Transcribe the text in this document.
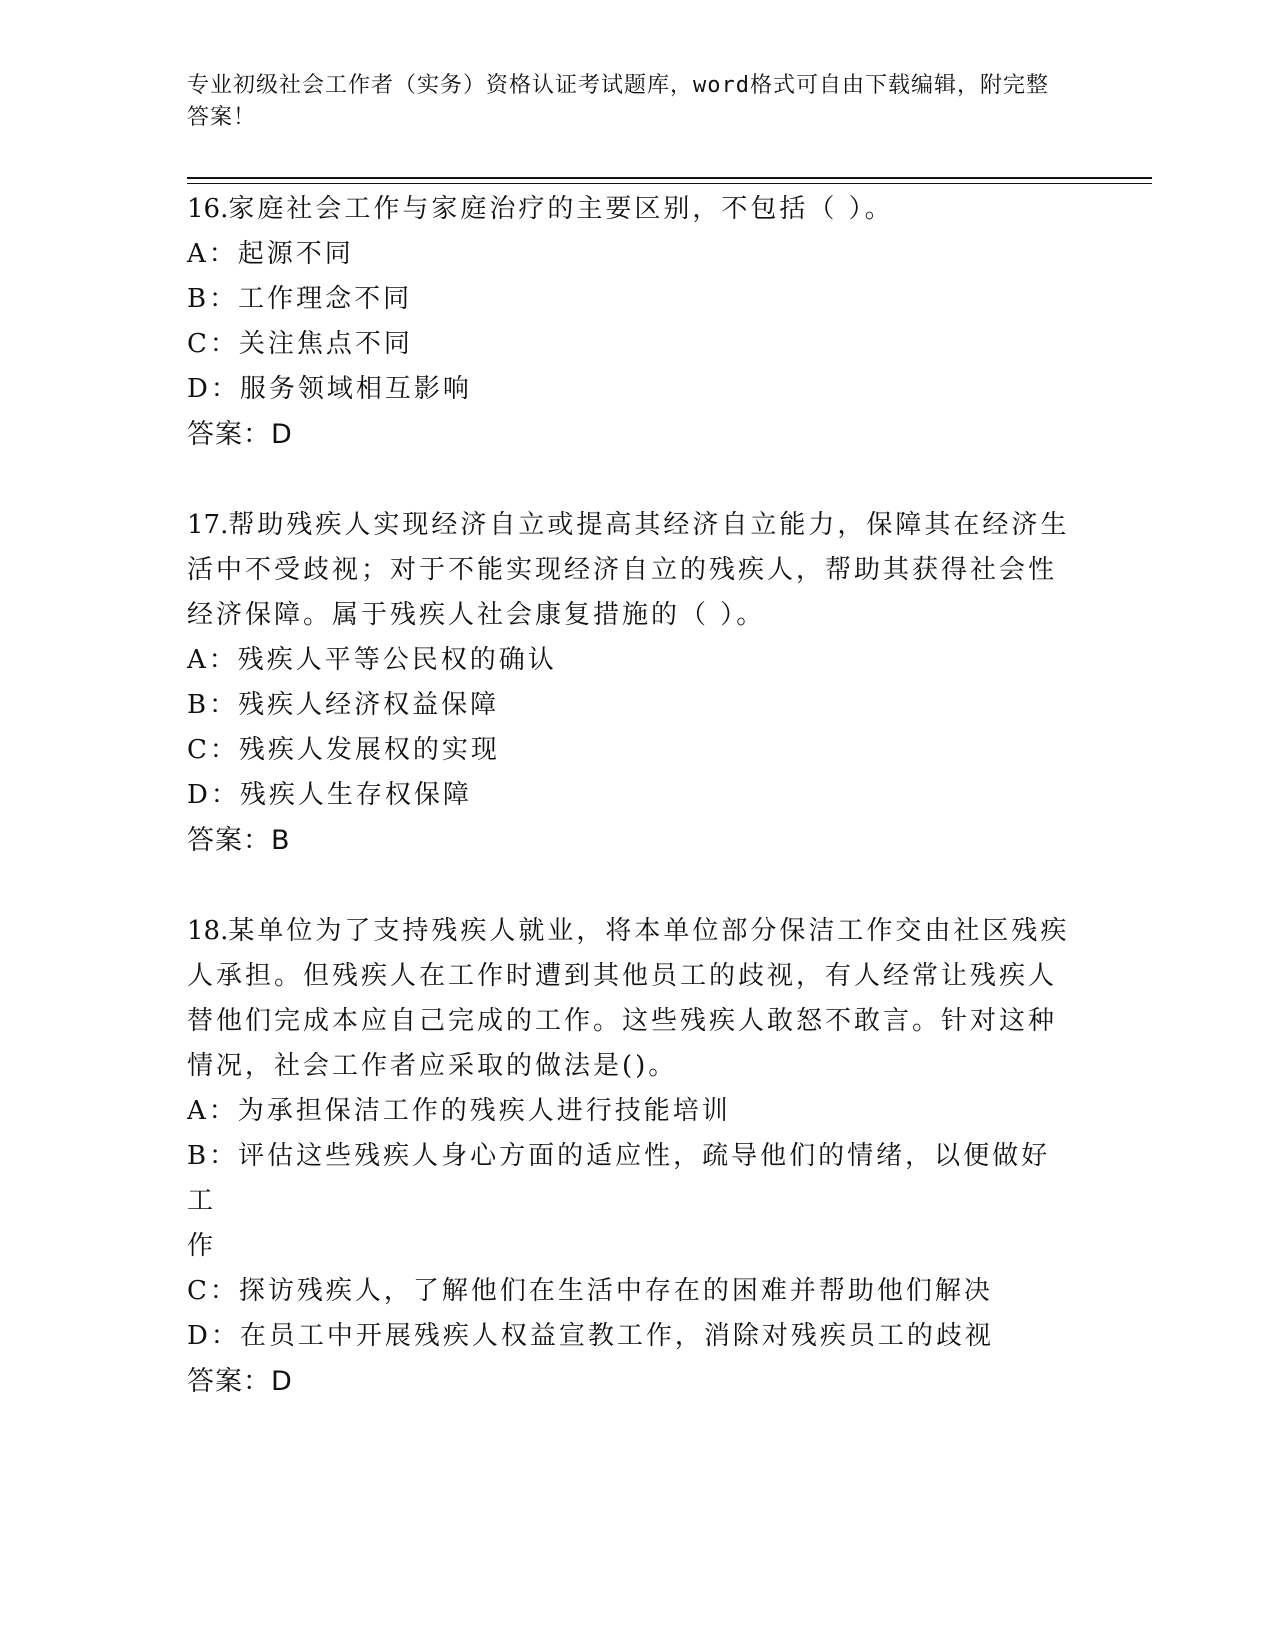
专业初级社会工作者（实务）资格认证考试题库，word格式可自由下载编辑，附完整答案！
16.家庭社会工作与家庭治疗的主要区别，不包括（ ）。
A：起源不同
B：工作理念不同
C：关注焦点不同
D：服务领域相互影响
答案：D
17.帮助残疾人实现经济自立或提高其经济自立能力，保障其在经济生
活中不受歧视；对于不能实现经济自立的残疾人，帮助其获得社会性
经济保障。属于残疾人社会康复措施的（ ）。
A：残疾人平等公民权的确认
B：残疾人经济权益保障
C：残疾人发展权的实现
D：残疾人生存权保障
答案：B
18.某单位为了支持残疾人就业，将本单位部分保洁工作交由社区残疾
人承担。但残疾人在工作时遭到其他员工的歧视，有人经常让残疾人
替他们完成本应自己完成的工作。这些残疾人敢怒不敢言。针对这种
情况，社会工作者应采取的做法是()。
A：为承担保洁工作的残疾人进行技能培训
B：评估这些残疾人身心方面的适应性，疏导他们的情绪，以便做好工
作
C：探访残疾人，了解他们在生活中存在的困难并帮助他们解决
D：在员工中开展残疾人权益宣教工作，消除对残疾员工的歧视
答案：D
